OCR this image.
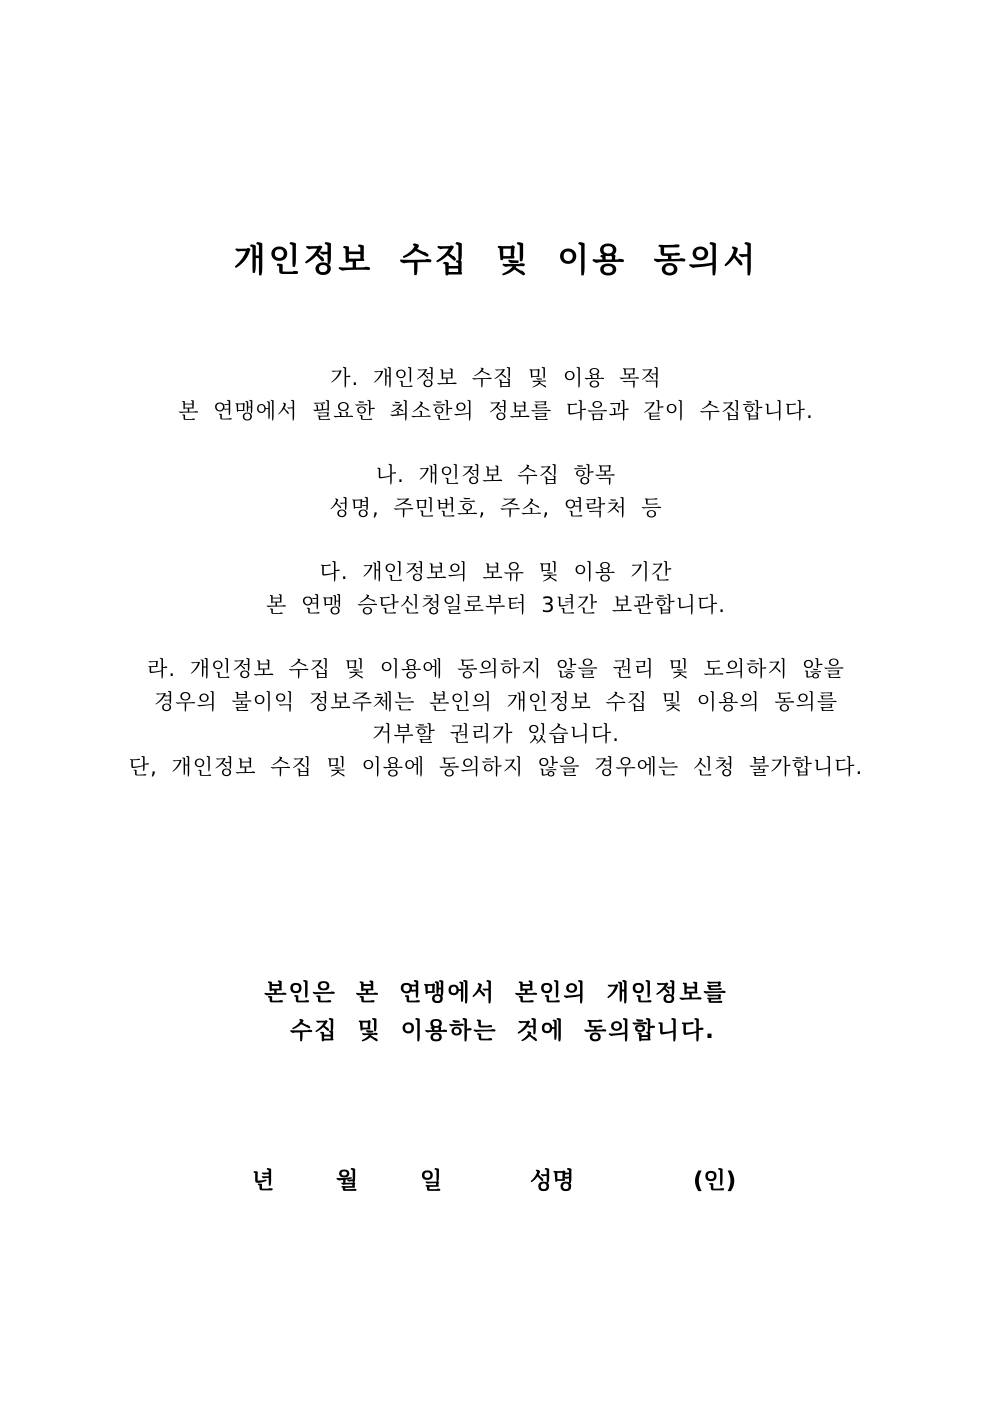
개인정보 수집 및 이용 동의서
가. 개인정보 수집 및 이용 목적
본 연맹에서 필요한 최소한의 정보를 다음과 같이 수집합니다.
나. 개인정보 수집 항목
성명, 주민번호, 주소, 연락처 등
다. 개인정보의 보유 및 이용 기간
본 연맹 승단신청일로부터 3년간 보관합니다.
라. 개인정보 수집 및 이용에 동의하지 않을 권리 및 도의하지 않을
경우의 불이익 정보주체는 본인의 개인정보 수집 및 이용의 동의를
거부할 권리가 있습니다.
단, 개인정보 수집 및 이용에 동의하지 않을 경우에는 신청 불가합니다.
본인은 본 연맹에서 본인의 개인정보를
수집 및 이용하는 것에 동의합니다.
년	월	일	성명	(인)
